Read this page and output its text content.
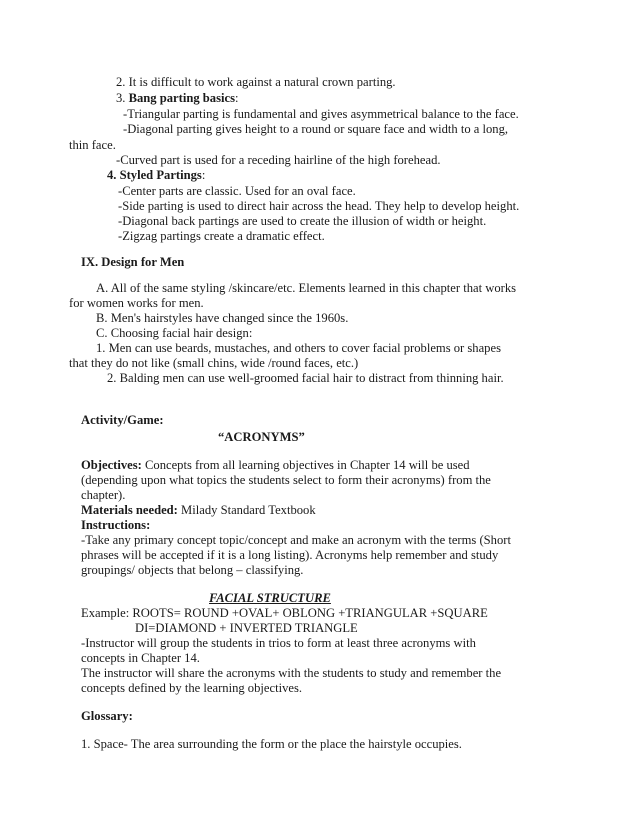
2. It is difficult to work against a natural crown parting.
3. Bang parting basics:
-Triangular parting is fundamental and gives asymmetrical balance to the face.
-Diagonal parting gives height to a round or square face and width to a long,
thin face.
-Curved part is used for a receding hairline of the high forehead.
4. Styled Partings:
-Center parts are classic. Used for an oval face.
-Side parting is used to direct hair across the head. They help to develop height.
-Diagonal back partings are used to create the illusion of width or height.
-Zigzag partings create a dramatic effect.
IX. Design for Men
A. All of the same styling /skincare/etc. Elements learned in this chapter that works
for women works for men.
B. Men's hairstyles have changed since the 1960s.
C. Choosing facial hair design:
1. Men can use beards, mustaches, and others to cover facial problems or shapes
that they do not like (small chins, wide /round faces, etc.)
2. Balding men can use well-groomed facial hair to distract from thinning hair.
Activity/Game:
“ACRONYMS”
Objectives: Concepts from all learning objectives in Chapter 14 will be used
(depending upon what topics the students select to form their acronyms) from the
chapter).
Materials needed: Milady Standard Textbook
Instructions:
-Take any primary concept topic/concept and make an acronym with the terms (Short
phrases will be accepted if it is a long listing). Acronyms help remember and study
groupings/ objects that belong – classifying.
FACIAL STRUCTURE
Example: ROOTS= ROUND +OVAL+ OBLONG +TRIANGULAR +SQUARE
DI=DIAMOND + INVERTED TRIANGLE
-Instructor will group the students in trios to form at least three acronyms with
concepts in Chapter 14.
The instructor will share the acronyms with the students to study and remember the
concepts defined by the learning objectives.
Glossary:
1. Space- The area surrounding the form or the place the hairstyle occupies.
